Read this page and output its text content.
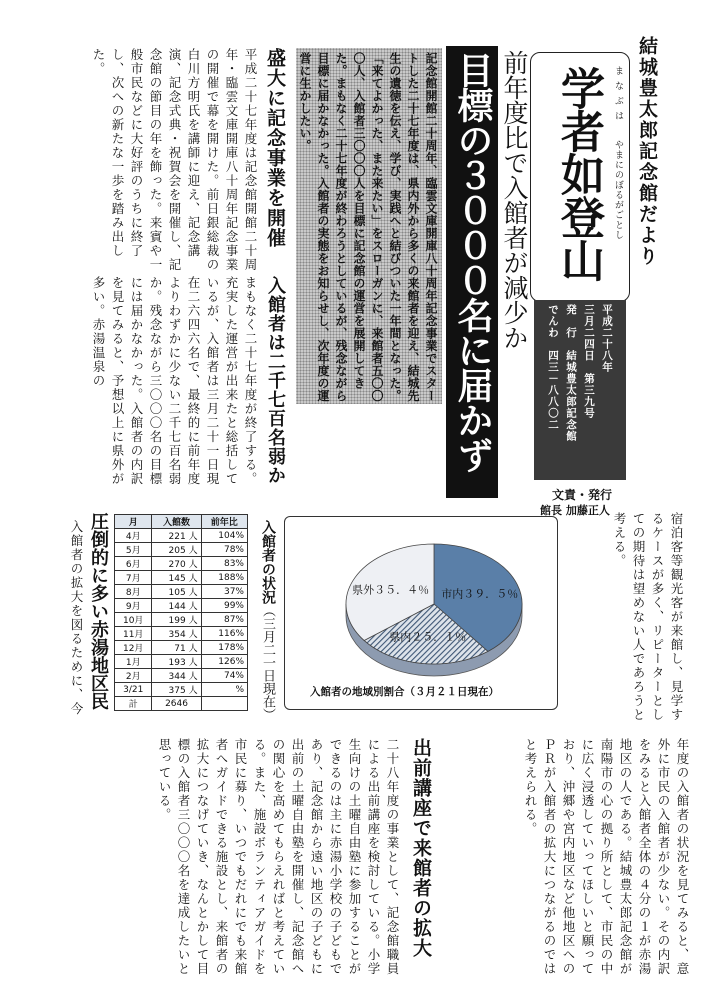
結城豊太郎記念館だより
まなぶは
やまにのぼるがごとし
学者如登山
平成二十八年
三月二四日　第三九号
発　行　結城豊太郎記念館
でんわ　四三－八八〇二
文責・発行
館長 加藤正人
目標の３０００名に届かず 前年度比で入館者が減少か
記念館開館二十周年、臨雲文庫開庫八十周年記念事業でスタートした二十七年度は、県内外から多くの来館者を迎え、結城先生の遺徳を伝え、学び、実践へと結びついた一年間となった。「来てよかった、また来たい」をスローガンに、来館者五〇〇〇人、入館者三〇〇〇人を目標に記念館の運営を展開してきた。まもなく二十七年度が終わろうとしているが、残念ながら目標に届かなかった。入館者の実態をお知らせし、次年度の運営に生かしたい。
盛大に記念事業を開催
平成二十七年度は記念館開館二十周年・臨雲文庫開庫八十周年記念事業の開催で幕を開けた。前日銀総裁の白川方明氏を講師に迎え、記念講演、記念式典・祝賀会を開催し、記念館の節目の年を飾った。来賓や一般市民などに大好評のうちに終了し、次への新たな一歩を踏み出した。
入館者は二千七百名弱か
まもなく二十七年度が終了する。充実した運営が出来たと総括しているが、入館者は三月二十一日現在二六四六名で、最終的に前年度よりわずかに少ない二千七百名弱か。残念ながら三〇〇〇名の目標には届かなかった。入館者の内訳を見てみると、予想以上に県外が多い。赤湯温泉の
圧倒的に多い赤湯地区民
入館者の拡大を図るために、今	月	入館数	前年比
4月	221 人	104%
5月	205 人	78%
6月	270 人	83%
7月	145 人	188%
8月	105 人	37%
9月	144 人	99%
10月	199 人	87%
11月	354 人	116%
12月	71 人	178%
1月	193 人	126%
2月	344 人	74%
3/21	375 人	%
計	2646	
入館者の状況
（三月二一日現在）
市内３９．５％
県内２５．１％
県外３５．４％
入館者の地域別割合（３月２１日現在）	宿泊客等観光客が来館し、見学するケースが多く、リピーターとしての期待は望めない人であろうと考える。
年度の入館者の状況を見てみると、意外に市民の入館者が少ない。その内訳をみると入館者全体の４分の１が赤湯地区の人である。結城豊太郎記念館が南陽市の心の拠り所として、市民の中に広く浸透していってほしいと願っており、沖郷や宮内地区など他地区へのＰＲが入館者の拡大につながるのではと考えられる。
出前講座で来館者の拡大
二十八年度の事業として、記念館職員による出前講座を検討している。小学生向けの土曜自由塾に参加することができるのは主に赤湯小学校の子どもであり、記念館から遠い地区の子どもに出前の土曜自由塾を開催し、記念館への関心を高めてもらえればと考えている。また、施設ボランティアガイドを市民に募り、いつでもだれにでも来館者へガイドできる施設とし、来館者の拡大につなげていき、なんとかして目標の入館者三〇〇〇名を達成したいと思っている。
